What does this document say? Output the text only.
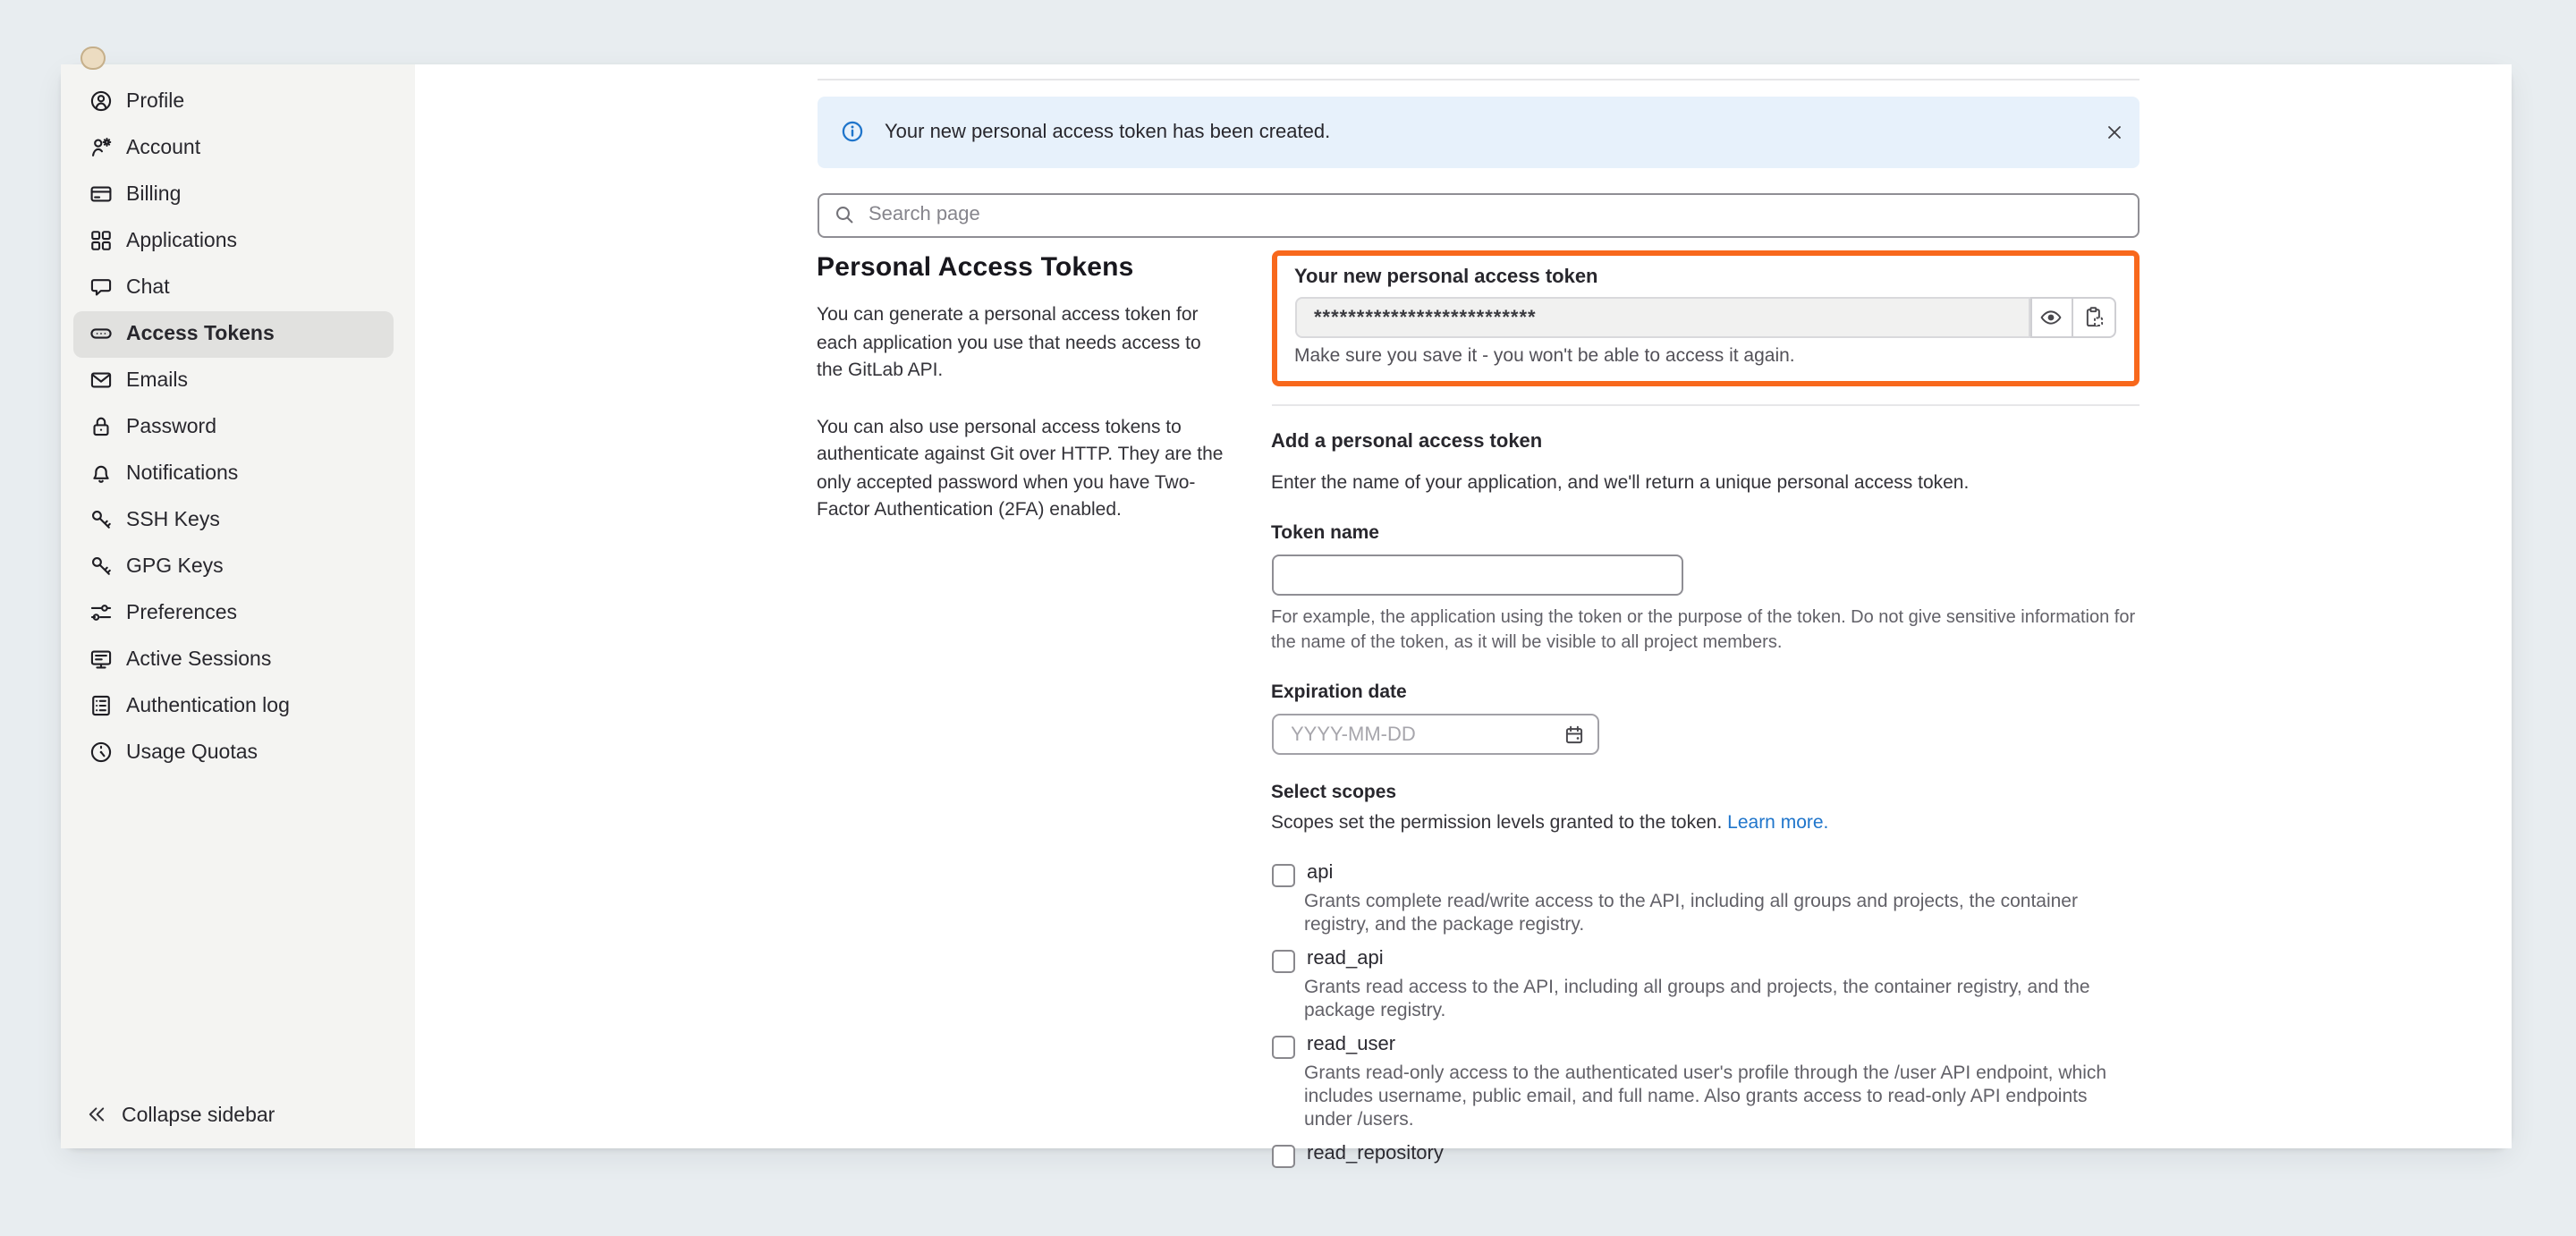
Profile
Account
Billing
Applications
Chat
Access Tokens
Emails
Password
Notifications
SSH Keys
GPG Keys
Preferences
Active Sessions
Authentication log
Usage Quotas
Collapse sidebar
Your new personal access token has been created.
Search page
Personal Access Tokens

You can generate a personal access token for each application you use that needs access to the GitLab API.

You can also use personal access tokens to authenticate against Git over HTTP. They are the only accepted password when you have Two-Factor Authentication (2FA) enabled.

Your new personal access token
**************************
Make sure you save it - you won't be able to access it again.
Add a personal access token
Enter the name of your application, and we'll return a unique personal access token.
Token name
For example, the application using the token or the purpose of the token. Do not give sensitive information for the name of the token, as it will be visible to all project members.
Expiration date
YYYY-MM-DD
Select scopes
Scopes set the permission levels granted to the token. Learn more.
api
Grants complete read/write access to the API, including all groups and projects, the container registry, and the package registry.
read_api
Grants read access to the API, including all groups and projects, the container registry, and the package registry.
read_user
Grants read-only access to the authenticated user's profile through the /user API endpoint, which includes username, public email, and full name. Also grants access to read-only API endpoints under /users.
read_repository
